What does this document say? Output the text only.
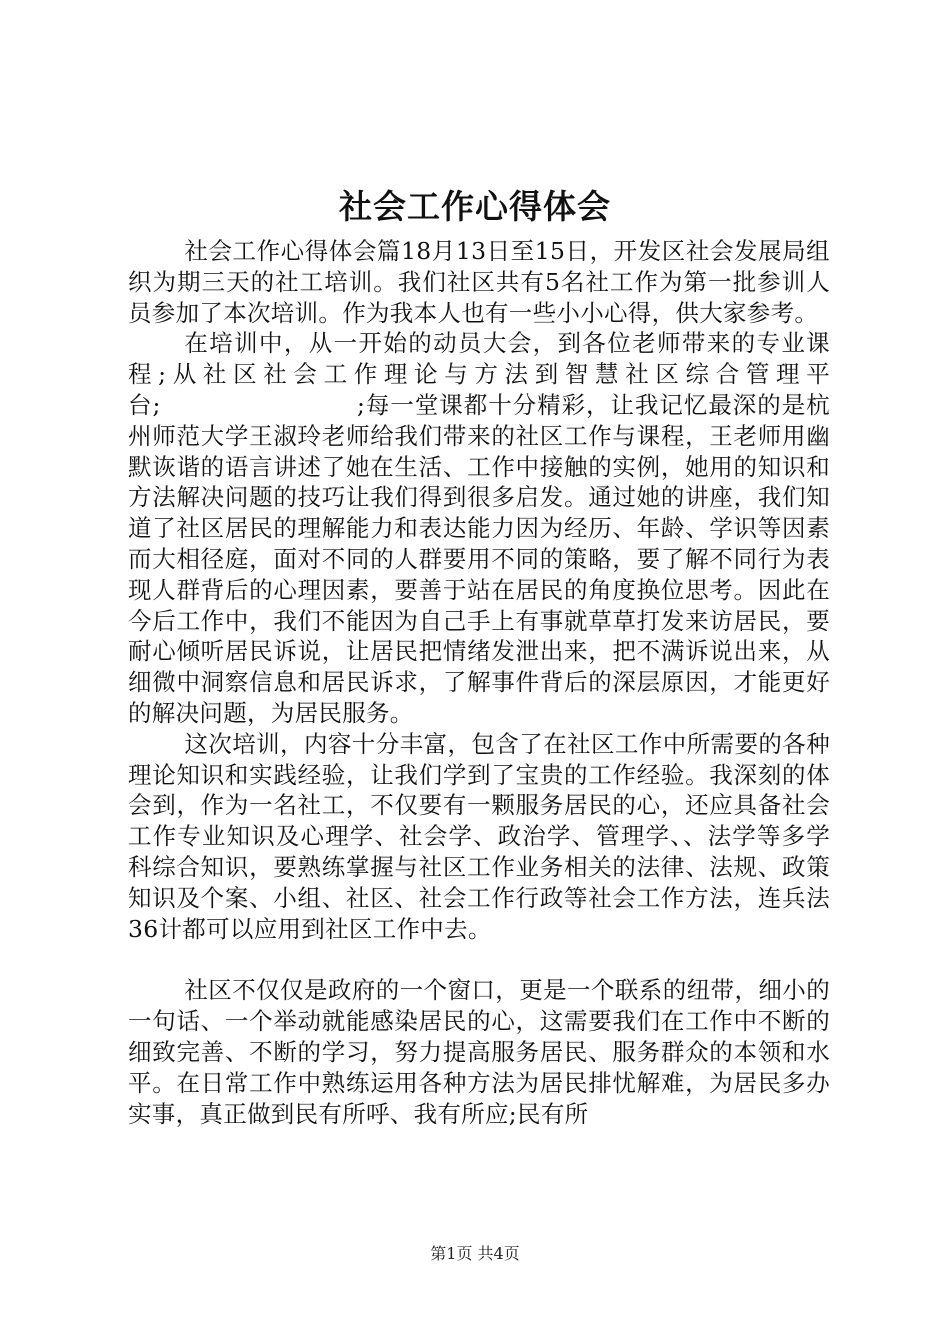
社会工作心得体会

社会工作心得体会篇18月13日至15日，开发区社会发展局组织为期三天的社工培训。我们社区共有5名社工作为第一批参训人员参加了本次培训。作为我本人也有一些小小心得，供大家参考。

在培训中，从一开始的动员大会，到各位老师带来的专业课程;从社区社会工作理论与方法到智慧社区综合管理平台;　　　　　　　　;每一堂课都十分精彩，让我记忆最深的是杭州师范大学王淑玲老师给我们带来的社区工作与课程，王老师用幽默诙谐的语言讲述了她在生活、工作中接触的实例，她用的知识和方法解决问题的技巧让我们得到很多启发。通过她的讲座，我们知道了社区居民的理解能力和表达能力因为经历、年龄、学识等因素而大相径庭，面对不同的人群要用不同的策略，要了解不同行为表现人群背后的心理因素，要善于站在居民的角度换位思考。因此在今后工作中，我们不能因为自己手上有事就草草打发来访居民，要耐心倾听居民诉说，让居民把情绪发泄出来，把不满诉说出来，从细微中洞察信息和居民诉求，了解事件背后的深层原因，才能更好的解决问题，为居民服务。

这次培训，内容十分丰富，包含了在社区工作中所需要的各种理论知识和实践经验，让我们学到了宝贵的工作经验。我深刻的体会到，作为一名社工，不仅要有一颗服务居民的心，还应具备社会工作专业知识及心理学、社会学、政治学、管理学、、法学等多学科综合知识，要熟练掌握与社区工作业务相关的法律、法规、政策知识及个案、小组、社区、社会工作行政等社会工作方法，连兵法36计都可以应用到社区工作中去。

社区不仅仅是政府的一个窗口，更是一个联系的纽带，细小的一句话、一个举动就能感染居民的心，这需要我们在工作中不断的细致完善、不断的学习，努力提高服务居民、服务群众的本领和水平。在日常工作中熟练运用各种方法为居民排忧解难，为居民多办实事，真正做到民有所呼、我有所应;民有所

第1页 共4页
